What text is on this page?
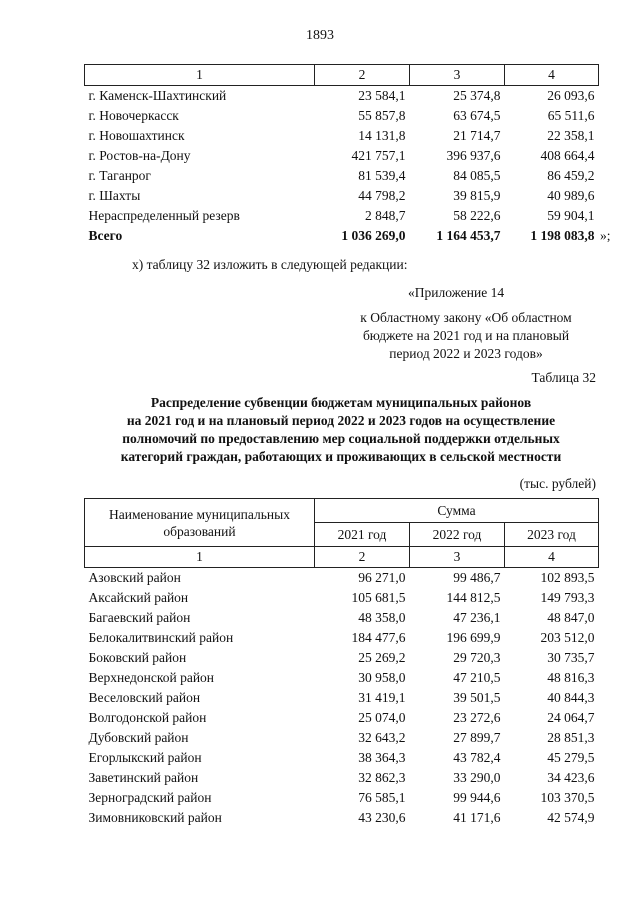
1893
1	2	3	4
г. Каменск-Шахтинский	23 584,1	25 374,8	26 093,6
г. Новочеркасск	55 857,8	63 674,5	65 511,6
г. Новошахтинск	14 131,8	21 714,7	22 358,1
г. Ростов-на-Дону	421 757,1	396 937,6	408 664,4
г. Таганрог	81 539,4	84 085,5	86 459,2
г. Шахты	44 798,2	39 815,9	40 989,6
Нераспределенный резерв	2 848,7	58 222,6	59 904,1
Всего	1 036 269,0	1 164 453,7	1 198 083,8 »;
х) таблицу 32 изложить в следующей редакции:
«Приложение 14
к Областному закону «Об областном
бюджете на 2021 год и на плановый
период 2022 и 2023 годов»
Таблица 32
Распределение субвенции бюджетам муниципальных районов
на 2021 год и на плановый период 2022 и 2023 годов на осуществление
полномочий по предоставлению мер социальной поддержки отдельных
категорий граждан, работающих и проживающих в сельской местности
(тыс. рублей)
Наименование муниципальных
образований	Сумма		
	2021 год	2022 год	2023 год
1	2	3	4
Азовский район	96 271,0	99 486,7	102 893,5
Аксайский район	105 681,5	144 812,5	149 793,3
Багаевский район	48 358,0	47 236,1	48 847,0
Белокалитвинский район	184 477,6	196 699,9	203 512,0
Боковский район	25 269,2	29 720,3	30 735,7
Верхнедонской район	30 958,0	47 210,5	48 816,3
Веселовский район	31 419,1	39 501,5	40 844,3
Волгодонской район	25 074,0	23 272,6	24 064,7
Дубовский район	32 643,2	27 899,7	28 851,3
Егорлыкский район	38 364,3	43 782,4	45 279,5
Заветинский район	32 862,3	33 290,0	34 423,6
Зерноградский район	76 585,1	99 944,6	103 370,5
Зимовниковский район	43 230,6	41 171,6	42 574,9
